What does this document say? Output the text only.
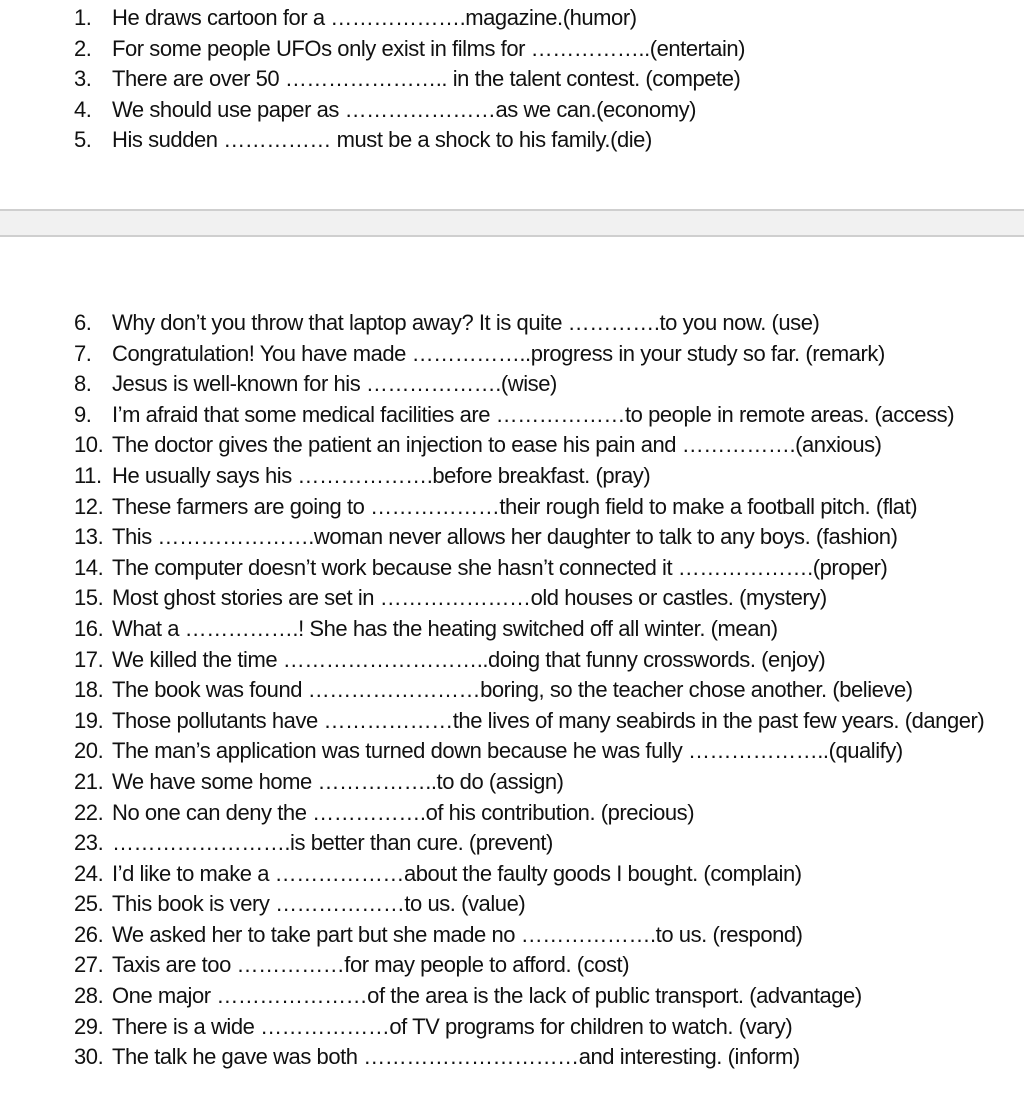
1. He draws cartoon for a ……………….magazine.(humor)
2. For some people UFOs only exist in films for ……………..(entertain)
3. There are over 50 ………………….. in the talent contest. (compete)
4. We should use paper as …………………as we can.(economy)
5. His sudden …………… must be a shock to his family.(die)
6. Why don’t you throw that laptop away? It is quite ………….to you now. (use)
7. Congratulation! You have made ……………..progress in your study so far. (remark)
8. Jesus is well-known for his ……………….(wise)
9. I’m afraid that some medical facilities are ………………to people in remote areas. (access)
10. The doctor gives the patient an injection to ease his pain and …………….(anxious)
11. He usually says his ……………….before breakfast. (pray)
12. These farmers are going to ………………their rough field to make a football pitch. (flat)
13. This ………………….woman never allows her daughter to talk to any boys. (fashion)
14. The computer doesn’t work because she hasn’t connected it ……………….(proper)
15. Most ghost stories are set in …………………old houses or castles. (mystery)
16. What a …………….! She has the heating switched off all winter. (mean)
17. We killed the time ………………………..doing that funny crosswords. (enjoy)
18. The book was found ……………………boring, so the teacher chose another. (believe)
19. Those pollutants have ………………the lives of many seabirds in the past few years. (danger)
20. The man’s application was turned down because he was fully ………………..(qualify)
21. We have some home ……………..to do (assign)
22. No one can deny the …………….of his contribution. (precious)
23. …………………….is better than cure. (prevent)
24. I’d like to make a ………………about the faulty goods I bought. (complain)
25. This book is very ………………to us. (value)
26. We asked her to take part but she made no ……………….to us. (respond)
27. Taxis are too ……………for may people to afford. (cost)
28. One major …………………of the area is the lack of public transport. (advantage)
29. There is a wide ………………of TV programs for children to watch. (vary)
30. The talk he gave was both …………………………and interesting. (inform)
